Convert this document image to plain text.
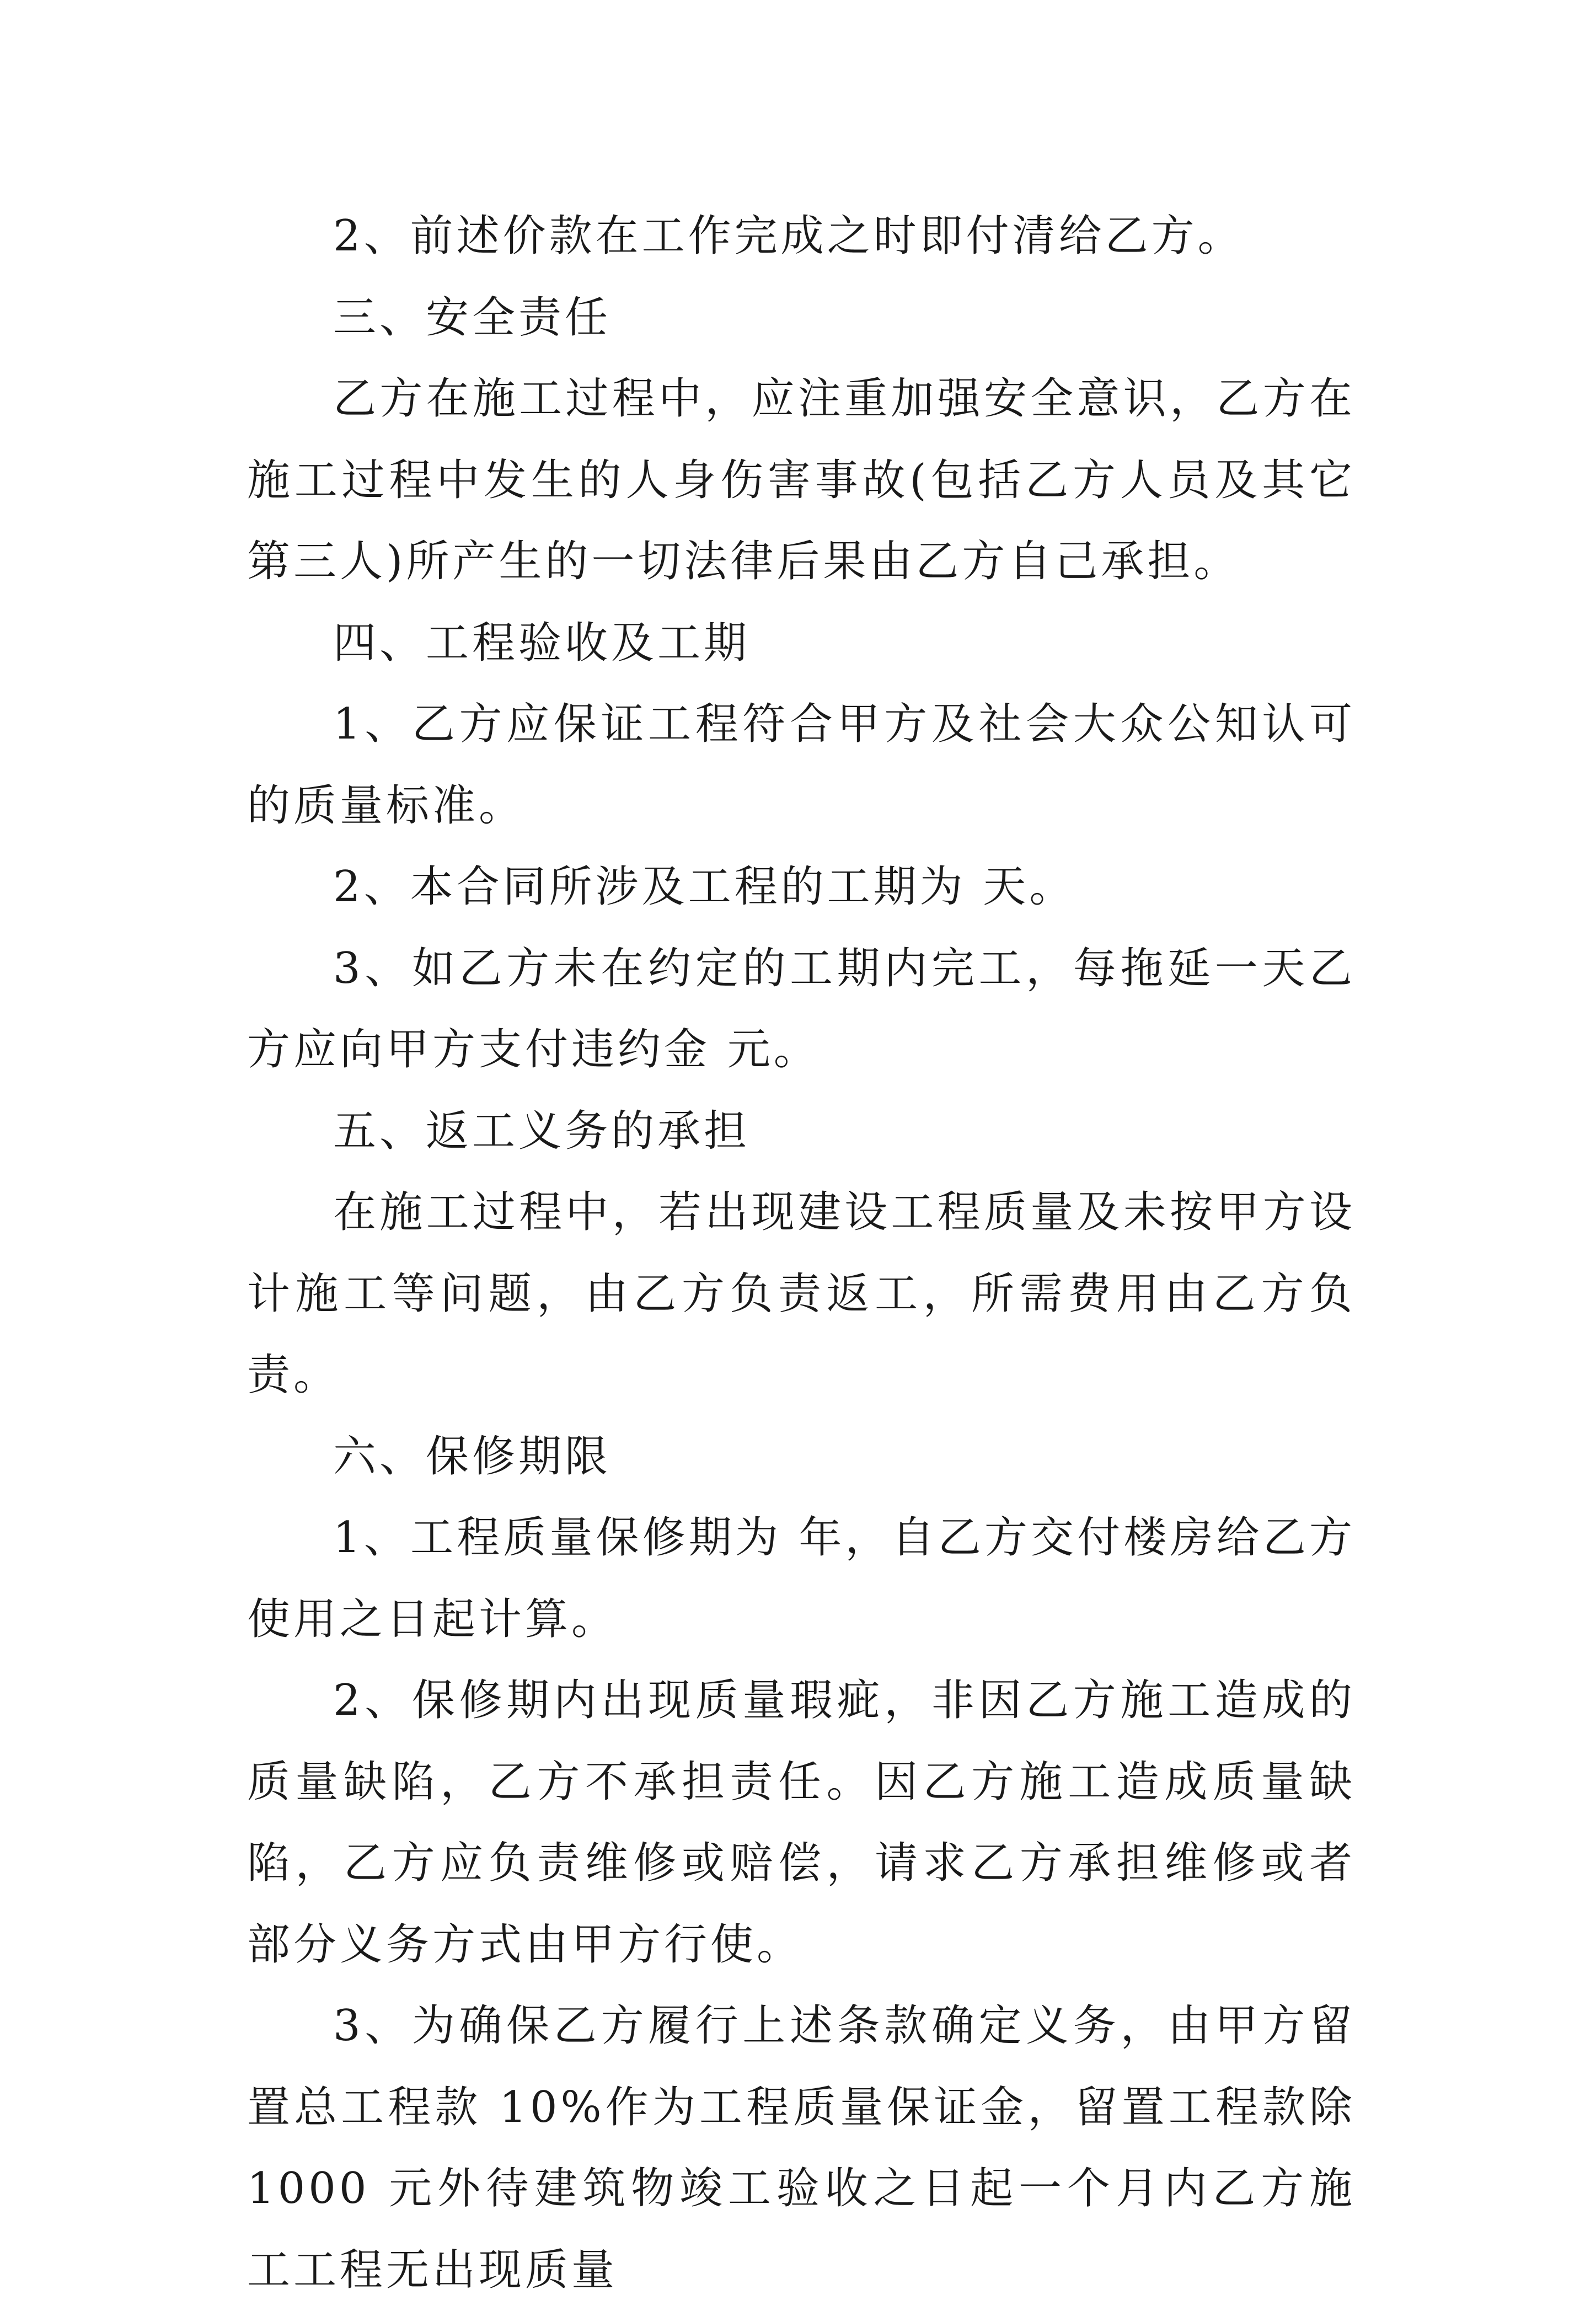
2、前述价款在工作完成之时即付清给乙方。

三、安全责任

乙方在施工过程中，应注重加强安全意识，乙方在施工过程中发生的人身伤害事故(包括乙方人员及其它第三人)所产生的一切法律后果由乙方自己承担。

四、工程验收及工期

1、乙方应保证工程符合甲方及社会大众公知认可的质量标准。

2、本合同所涉及工程的工期为 天。

3、如乙方未在约定的工期内完工，每拖延一天乙方应向甲方支付违约金 元。

五、返工义务的承担

在施工过程中，若出现建设工程质量及未按甲方设计施工等问题，由乙方负责返工，所需费用由乙方负责。

六、保修期限

1、工程质量保修期为 年，自乙方交付楼房给乙方使用之日起计算。

2、保修期内出现质量瑕疵，非因乙方施工造成的质量缺陷，乙方不承担责任。因乙方施工造成质量缺陷，乙方应负责维修或赔偿，请求乙方承担维修或者部分义务方式由甲方行使。

3、为确保乙方履行上述条款确定义务，由甲方留置总工程款 10%作为工程质量保证金，留置工程款除 1000 元外待建筑物竣工验收之日起一个月内乙方施工工程无出现质量
